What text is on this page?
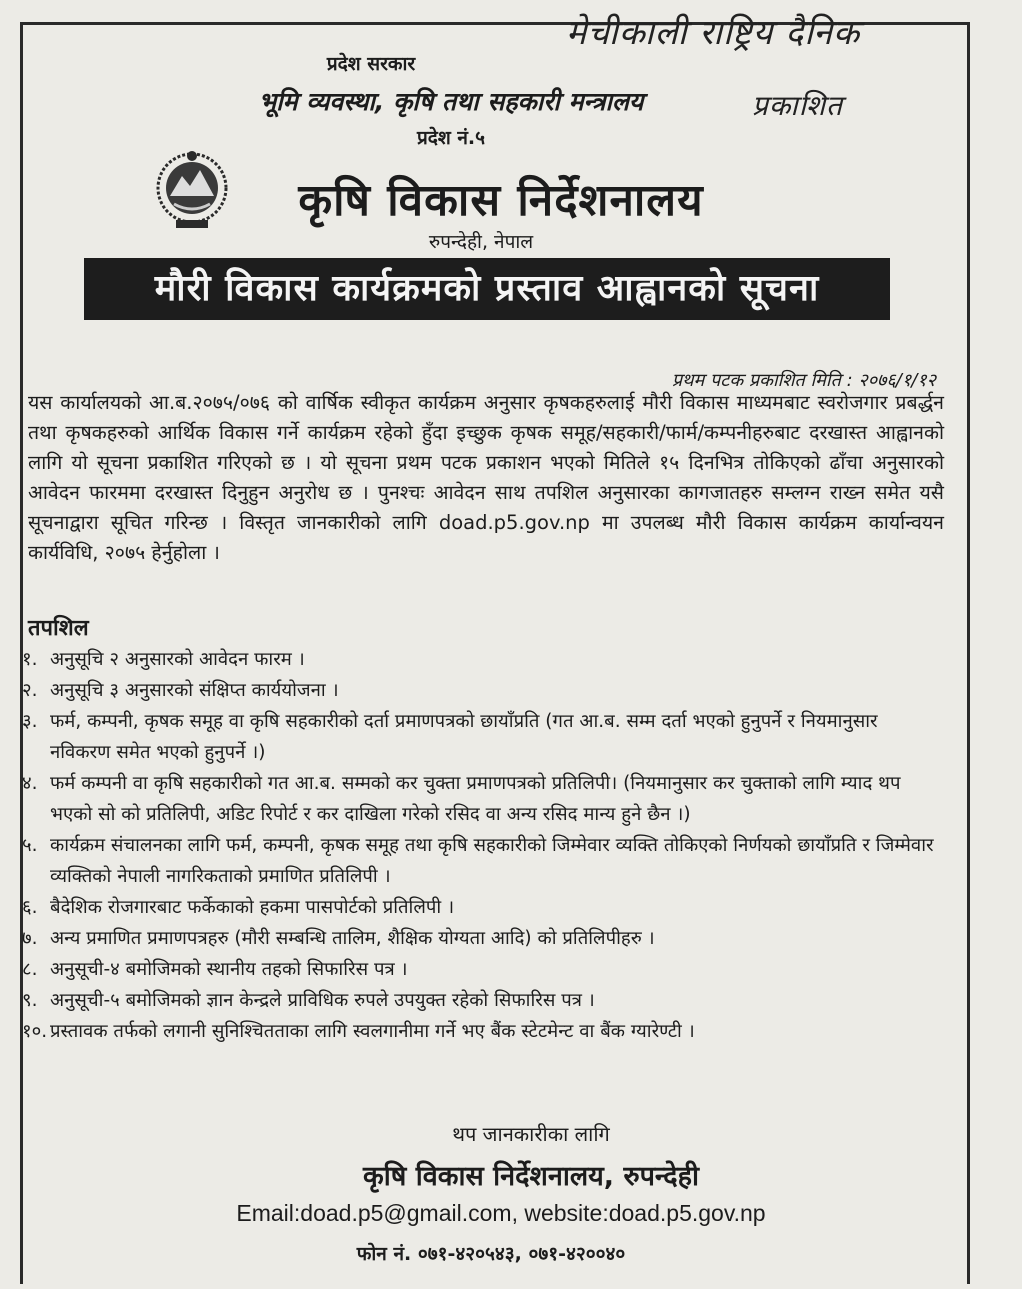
मेचीकाली राष्ट्रिय दैनिक
प्रकाशित
प्रदेश सरकार
भूमि व्यवस्था, कृषि तथा सहकारी मन्त्रालय
प्रदेश नं.५
कृषि विकास निर्देशनालय
रुपन्देही, नेपाल
मौरी विकास कार्यक्रमको प्रस्ताव आह्वानको सूचना
प्रथम पटक प्रकाशित मिति : २०७६/१/१२
यस कार्यालयको आ.ब.२०७५/०७६ को वार्षिक स्वीकृत कार्यक्रम अनुसार कृषकहरुलाई मौरी विकास माध्यमबाट स्वरोजगार प्रबर्द्धन तथा कृषकहरुको आर्थिक विकास गर्ने कार्यक्रम रहेको हुँदा इच्छुक कृषक समूह/सहकारी/फार्म/कम्पनीहरुबाट दरखास्त आह्वानको लागि यो सूचना प्रकाशित गरिएको छ । यो सूचना प्रथम पटक प्रकाशन भएको मितिले १५ दिनभित्र तोकिएको ढाँचा अनुसारको आवेदन फारममा दरखास्त दिनुहुन अनुरोध छ । पुनश्चः आवेदन साथ तपशिल अनुसारका कागजातहरु सम्लग्न राख्न समेत यसै सूचनाद्वारा सूचित गरिन्छ । विस्तृत जानकारीको लागि doad.p5.gov.np मा उपलब्ध मौरी विकास कार्यक्रम कार्यान्वयन कार्यविधि, २०७५ हेर्नुहोला ।
तपशिल
१. अनुसूचि २ अनुसारको आवेदन फारम ।
२. अनुसूचि ३ अनुसारको संक्षिप्त कार्ययोजना ।
३. फर्म, कम्पनी, कृषक समूह वा कृषि सहकारीको दर्ता प्रमाणपत्रको छायाँप्रति (गत आ.ब. सम्म दर्ता भएको हुनुपर्ने र नियमानुसार नविकरण समेत भएको हुनुपर्ने ।)
४. फर्म कम्पनी वा कृषि सहकारीको गत आ.ब. सम्मको कर चुक्ता प्रमाणपत्रको प्रतिलिपी। (नियमानुसार कर चुक्ताको लागि म्याद थप भएको सो को प्रतिलिपी, अडिट रिपोर्ट र कर दाखिला गरेको रसिद वा अन्य रसिद मान्य हुने छैन ।)
५. कार्यक्रम संचालनका लागि फर्म, कम्पनी, कृषक समूह तथा कृषि सहकारीको जिम्मेवार व्यक्ति तोकिएको निर्णयको छायाँप्रति र जिम्मेवार व्यक्तिको नेपाली नागरिकताको प्रमाणित प्रतिलिपी ।
६. बैदेशिक रोजगारबाट फर्केकाको हकमा पासपोर्टको प्रतिलिपी ।
७. अन्य प्रमाणित प्रमाणपत्रहरु (मौरी सम्बन्धि तालिम, शैक्षिक योग्यता आदि) को प्रतिलिपीहरु ।
८. अनुसूची-४ बमोजिमको स्थानीय तहको सिफारिस पत्र ।
९. अनुसूची-५ बमोजिमको ज्ञान केन्द्रले प्राविधिक रुपले उपयुक्त रहेको सिफारिस पत्र ।
१०. प्रस्तावक तर्फको लगानी सुनिश्चितताका लागि स्वलगानीमा गर्ने भए बैंक स्टेटमेन्ट वा बैंक ग्यारेण्टी ।
थप जानकारीका लागि
कृषि विकास निर्देशनालय, रुपन्देही
Email:doad.p5@gmail.com, website:doad.p5.gov.np
फोन नं. ०७१-४२०५४३, ०७१-४२००४०
